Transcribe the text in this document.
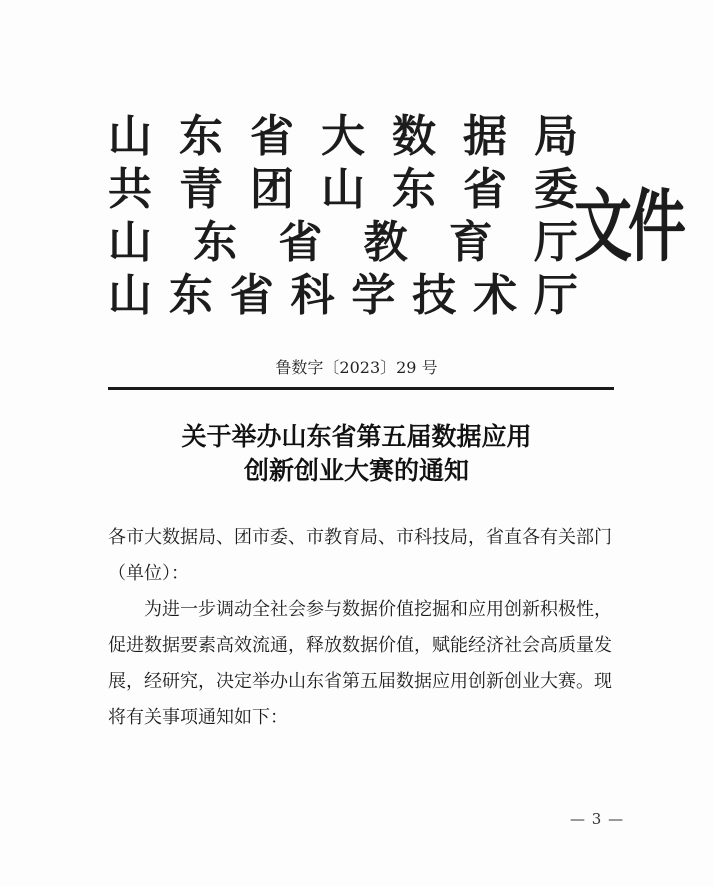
山 东 省 大 数 据 局
共 青 团 山 东 省 委
山 东 省 教 育 厅
山 东 省 科 学 技 术 厅
文件
鲁数字〔2023〕29 号
关于举办山东省第五届数据应用
创新创业大赛的通知

各市大数据局、团市委、市教育局、市科技局，省直各有关部门（单位）：

为进一步调动全社会参与数据价值挖掘和应用创新积极性，促进数据要素高效流通，释放数据价值，赋能经济社会高质量发展，经研究，决定举办山东省第五届数据应用创新创业大赛。现将有关事项通知如下：

— 3 —
